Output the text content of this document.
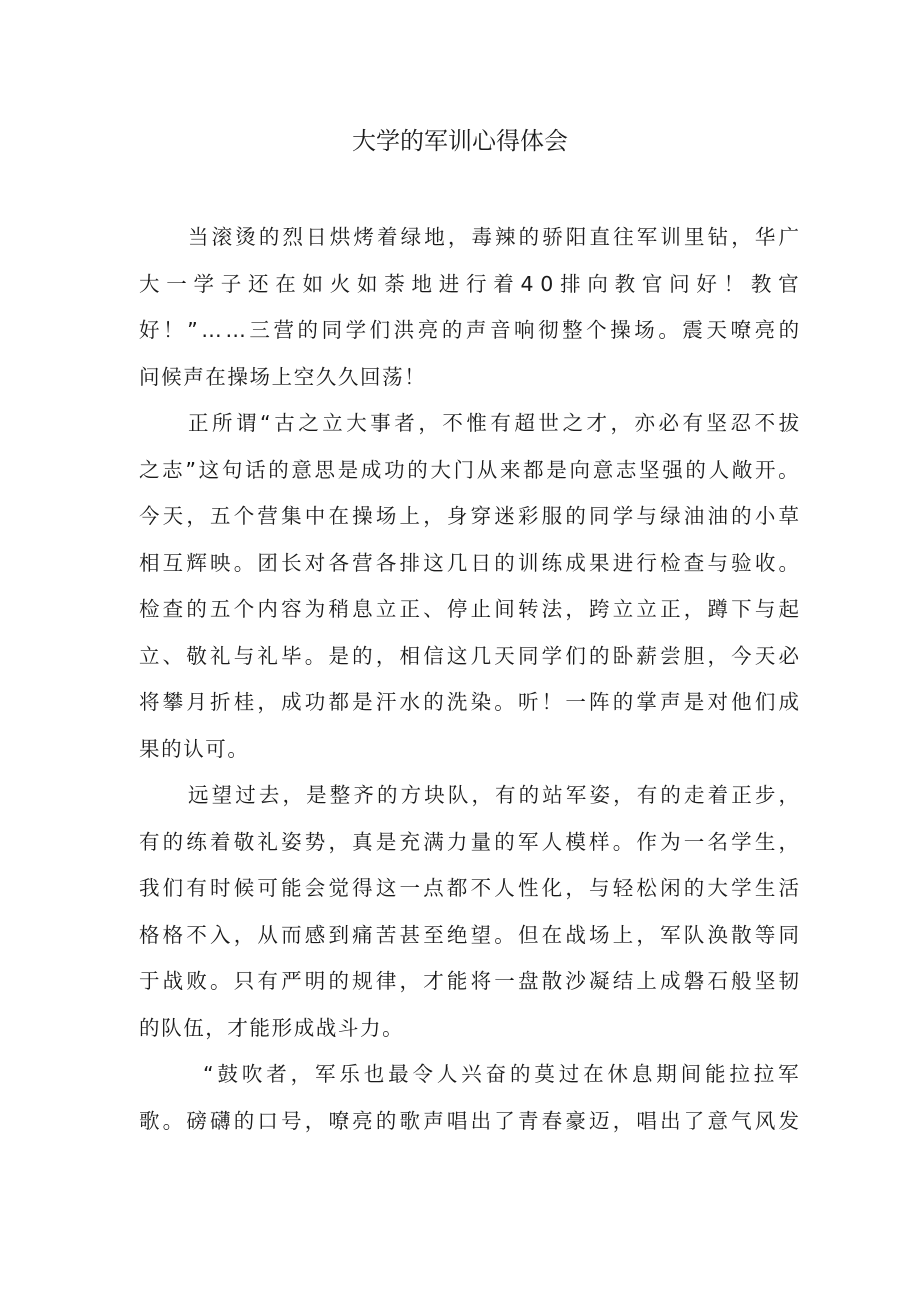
大学的军训心得体会
当滚烫的烈日烘烤着绿地，毒辣的骄阳直往军训里钻，华广
大一学子还在如火如荼地进行着40排向教官问好！教官
好！”……三营的同学们洪亮的声音响彻整个操场。震天嘹亮的
问候声在操场上空久久回荡！
正所谓“古之立大事者，不惟有超世之才，亦必有坚忍不拔
之志”这句话的意思是成功的大门从来都是向意志坚强的人敞开。
今天，五个营集中在操场上，身穿迷彩服的同学与绿油油的小草
相互辉映。团长对各营各排这几日的训练成果进行检查与验收。
检查的五个内容为稍息立正、停止间转法，跨立立正，蹲下与起
立、敬礼与礼毕。是的，相信这几天同学们的卧薪尝胆，今天必
将攀月折桂，成功都是汗水的洗染。听！一阵的掌声是对他们成
果的认可。
远望过去，是整齐的方块队，有的站军姿，有的走着正步，
有的练着敬礼姿势，真是充满力量的军人模样。作为一名学生，
我们有时候可能会觉得这一点都不人性化，与轻松闲的大学生活
格格不入，从而感到痛苦甚至绝望。但在战场上，军队涣散等同
于战败。只有严明的规律，才能将一盘散沙凝结上成磐石般坚韧
的队伍，才能形成战斗力。
“鼓吹者，军乐也最令人兴奋的莫过在休息期间能拉拉军
歌。磅礴的口号，嘹亮的歌声唱出了青春豪迈，唱出了意气风发
